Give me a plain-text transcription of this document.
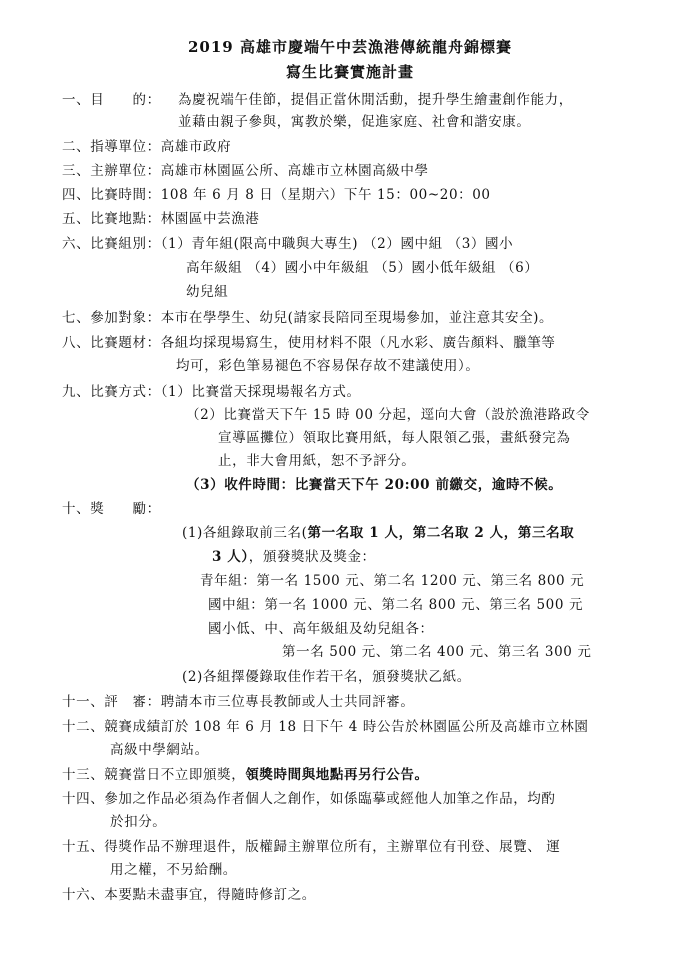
2019 高雄市慶端午中芸漁港傳統龍舟錦標賽
寫生比賽實施計畫
一、目　　的： 為慶祝端午佳節，提倡正當休閒活動，提升學生繪畫創作能力，
並藉由親子參與，寓教於樂，促進家庭、社會和諧安康。
二、指導單位：高雄市政府
三、主辦單位：高雄市林園區公所、高雄市立林園高級中學
四、比賽時間：108 年 6 月 8 日（星期六）下午 15：00~20：00
五、比賽地點：林園區中芸漁港
六、比賽組別：（1）青年組(限高中職與大專生) （2）國中組 （3）國小
高年級組 （4）國小中年級組 （5）國小低年級組 （6）
幼兒組
七、參加對象：本市在學學生、幼兒(請家長陪同至現場參加，並注意其安全)。
八、比賽題材：各組均採現場寫生，使用材料不限（凡水彩、廣告顏料、臘筆等
均可，彩色筆易褪色不容易保存故不建議使用）。
九、比賽方式：（1）比賽當天採現場報名方式。
（2）比賽當天下午 15 時 00 分起，逕向大會（設於漁港路政令
宣導區攤位）領取比賽用紙，每人限領乙張，畫紙發完為
止，非大會用紙，恕不予評分。
（3）收件時間：比賽當天下午 20:00 前繳交，逾時不候。
十、獎　　勵：
(1)各組錄取前三名(第一名取 1 人，第二名取 2 人，第三名取
3 人），頒發獎狀及獎金：
青年組：第一名 1500 元、第二名 1200 元、第三名 800 元
國中組：第一名 1000 元、第二名 800 元、第三名 500 元
國小低、中、高年級組及幼兒組各：
第一名 500 元、第二名 400 元、第三名 300 元
(2)各組擇優錄取佳作若干名，頒發獎狀乙紙。
十一、評　審：聘請本市三位專長教師或人士共同評審。
十二、競賽成績訂於 108 年 6 月 18 日下午 4 時公告於林園區公所及高雄市立林園
高級中學網站。
十三、競賽當日不立即頒獎，領獎時間與地點再另行公告。
十四、參加之作品必須為作者個人之創作，如係臨摹或經他人加筆之作品，均酌
於扣分。
十五、得獎作品不辦理退件，版權歸主辦單位所有，主辦單位有刊登、展覽、 運
用之權，不另給酬。
十六、本要點未盡事宜，得隨時修訂之。
